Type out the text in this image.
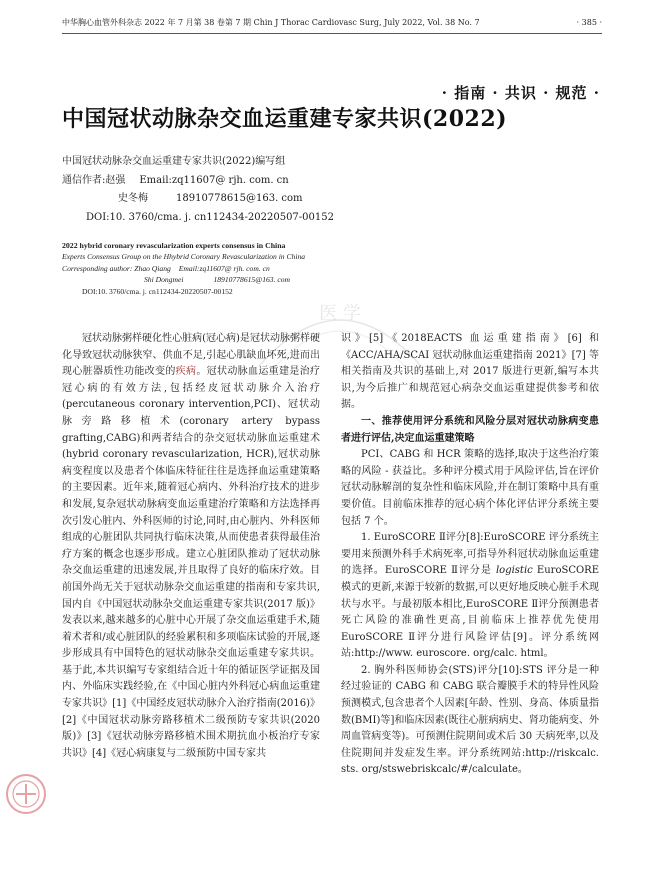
中华胸心血管外科杂志 2022 年 7 月第 38 卷第 7 期 Chin J Thorac Cardiovasc Surg, July 2022, Vol. 38 No. 7	· 385 ·
· 指南 · 共识 · 规范 ·
中国冠状动脉杂交血运重建专家共识(2022)
中国冠状动脉杂交血运重建专家共识(2022)编写组
通信作者:赵强 Email:zq11607@ rjh. com. cn
史冬梅	18910778615@163. com
DOI:10. 3760/cma. j. cn112434-20220507-00152
2022 hybrid coronary revascularization experts consensus in China
Experts Consensus Group on the Hhybrid Coronary Revascularization in China
Corresponding author: Zhao Qiang Email:zq11607@ rjh. com. cn
Shi Dongmei	18910778615@163. com
DOI:10. 3760/cma. j. cn112434-20220507-00152
医 学

冠状动脉粥样硬化性心脏病(冠心病)是冠状动脉粥样硬化导致冠状动脉狭窄、供血不足,引起心肌缺血坏死,进而出现心脏器质性功能改变的疾病。冠状动脉血运重建是治疗冠心病的有效方法,包括经皮冠状动脉介入治疗(percutaneous coronary intervention,PCI)、冠状动脉旁路移植术(coronary artery bypass grafting,CABG)和两者结合的杂交冠状动脉血运重建术(hybrid coronary revascularization, HCR),冠状动脉病变程度以及患者个体临床特征往往是选择血运重建策略的主要因素。近年来,随着冠心病内、外科治疗技术的进步和发展,复杂冠状动脉病变血运重建治疗策略和方法选择再次引发心脏内、外科医师的讨论,同时,由心脏内、外科医师组成的心脏团队共同执行临床决策,从而使患者获得最佳治疗方案的概念也逐步形成。建立心脏团队推动了冠状动脉杂交血运重建的迅速发展,并且取得了良好的临床疗效。目前国外尚无关于冠状动脉杂交血运重建的指南和专家共识,国内自《中国冠状动脉杂交血运重建专家共识(2017 版)》发表以来,越来越多的心脏中心开展了杂交血运重建手术,随着术者和/或心脏团队的经验累积和多项临床试验的开展,逐步形成具有中国特色的冠状动脉杂交血运重建专家共识。基于此,本共识编写专家组结合近十年的循证医学证据及国内、外临床实践经验,在《中国心脏内外科冠心病血运重建专家共识》[1]《中国经皮冠状动脉介入治疗指南(2016)》[2]《中国冠状动脉旁路移植术二级预防专家共识(2020版)》[3]《冠状动脉旁路移植术围术期抗血小板治疗专家共识》[4]《冠心病康复与二级预防中国专家共

识》[5]《2018EACTS 血运重建指南》[6] 和《ACC/AHA/SCAI 冠状动脉血运重建指南 2021》[7] 等相关指南及共识的基础上,对 2017 版进行更新,编写本共识,为今后推广和规范冠心病杂交血运重建提供参考和依据。

一、推荐使用评分系统和风险分层对冠状动脉病变患者进行评估,决定血运重建策略

PCI、CABG 和 HCR 策略的选择,取决于这些治疗策略的风险 - 获益比。多种评分模式用于风险评估,旨在评价冠状动脉解剖的复杂性和临床风险,并在制订策略中具有重要价值。目前临床推荐的冠心病个体化评估评分系统主要包括 7 个。

1. EuroSCORE Ⅱ评分[8]:EuroSCORE 评分系统主要用来预测外科手术病死率,可指导外科冠状动脉血运重建的选择。EuroSCORE Ⅱ评分是 logistic EuroSCORE 模式的更新,来源于较新的数据,可以更好地反映心脏手术现状与水平。与最初版本相比,EuroSCORE Ⅱ评分预测患者死亡风险的准确性更高,目前临床上推荐优先使用 EuroSCORE Ⅱ评分进行风险评估[9]。评分系统网站:http://www. euroscore. org/calc. html。

2. 胸外科医师协会(STS)评分[10]:STS 评分是一种经过验证的 CABG 和 CABG 联合瓣膜手术的特异性风险预测模式,包含患者个人因素[年龄、性别、身高、体质量指数(BMI)等]和临床因素(既往心脏病病史、肾功能病变、外周血管病变等)。可预测住院期间或术后 30 天病死率,以及住院期间并发症发生率。评分系统网站:http://riskcalc. sts. org/stswebriskcalc/#/calculate。
